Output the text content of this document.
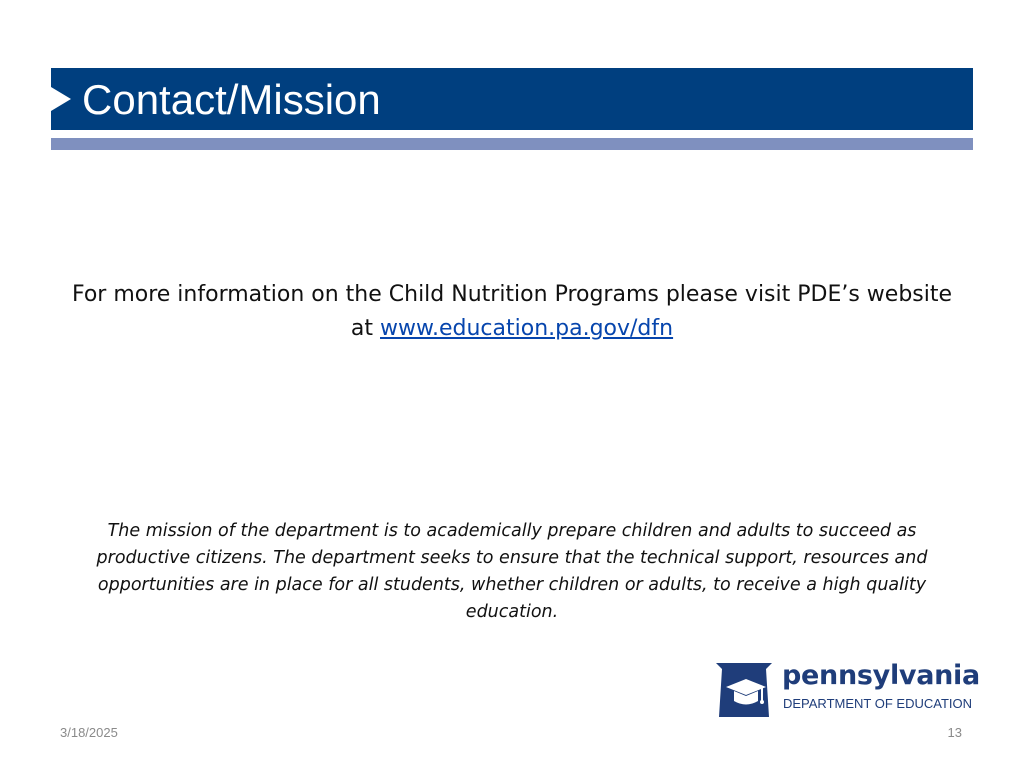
Contact/Mission
For more information on the Child Nutrition Programs please visit PDE’s website at www.education.pa.gov/dfn
The mission of the department is to academically prepare children and adults to succeed as productive citizens. The department seeks to ensure that the technical support, resources and opportunities are in place for all students, whether children or adults, to receive a high quality education.
pennsylvania
DEPARTMENT OF EDUCATION
3/18/2025	13
